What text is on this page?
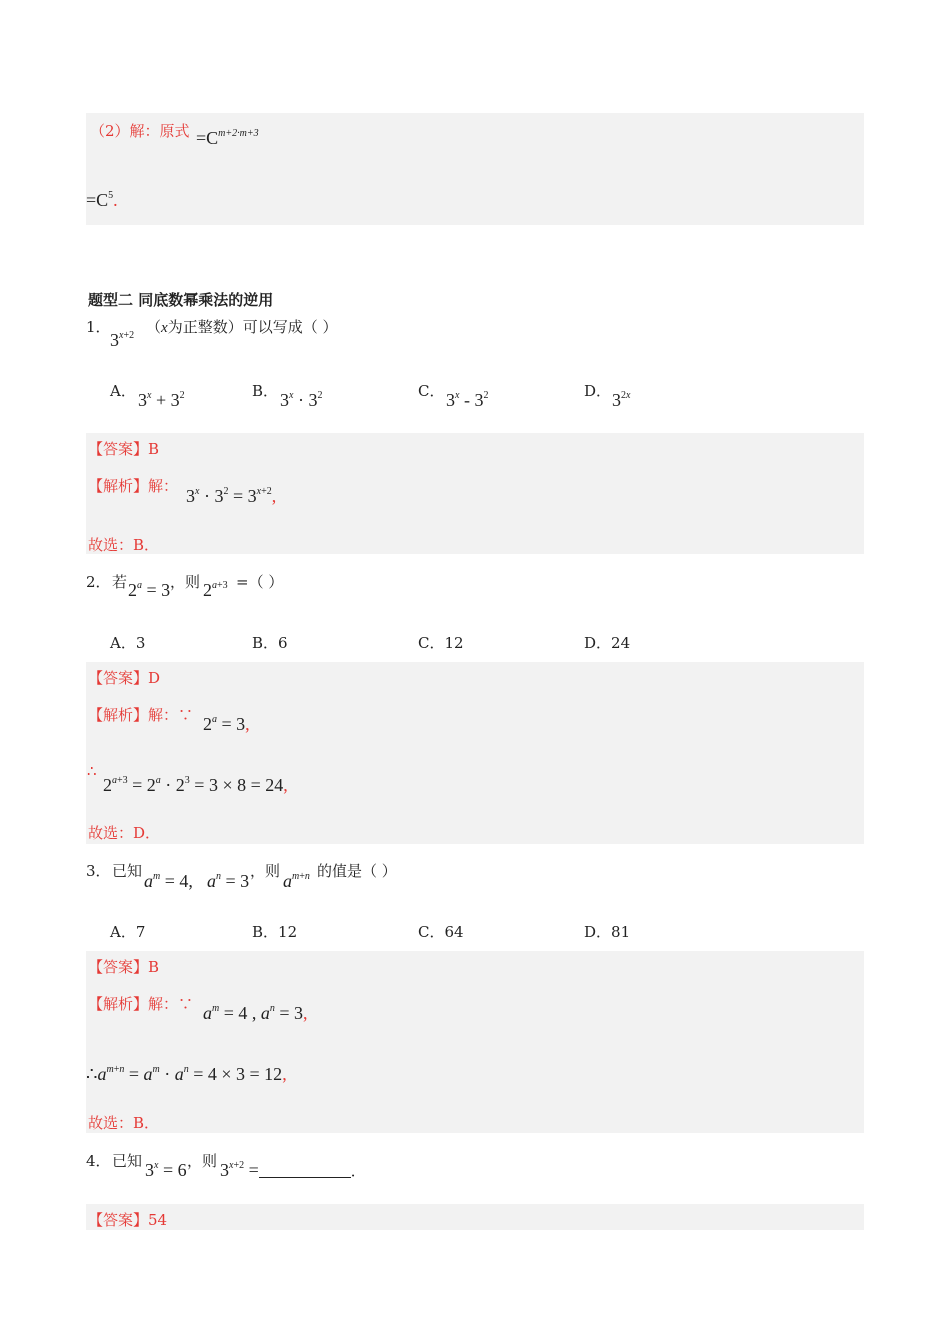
（2）解：原式 $=C^{m+2\cdot m+3}$
$=C^5$.
题型二 同底数幂乘法的逆用
1．
$3^{x+2}$ （x为正整数）可以写成（ ）
A． $3^x + 3^2$	B． $3^x \cdot 3^2$	C． $3^x - 3^2$	D． $3^{2x}$
【答案】B
【解析】解： $3^x \cdot 3^2 = 3^{x+2}$,
故选：B．
2． 若 $2^a = 3$ ，则 $2^{a+3}$ =（ ）
A．3	B．6	C．12	D．24
【答案】D
【解析】解：∵ $2^a = 3$,
∴
$2^{a+3} = 2^a \cdot 2^3 = 3 \times 8 = 24$,
故选：D．
3． 已知 $a^m = 4$, $a^n = 3$ ，则 $a^{m+n}$ 的值是（ ）
A．7	B．12	C．64	D．81
【答案】B
【解析】解：∵ $a^m = 4$ , $a^n = 3$,
$\therefore a^{m+n} = a^m \cdot a^n = 4 \times 3 = 12$,
故选：B．
4． 已知 $3^x = 6$ ，则 $3^{x+2}$ =	．
【答案】54
